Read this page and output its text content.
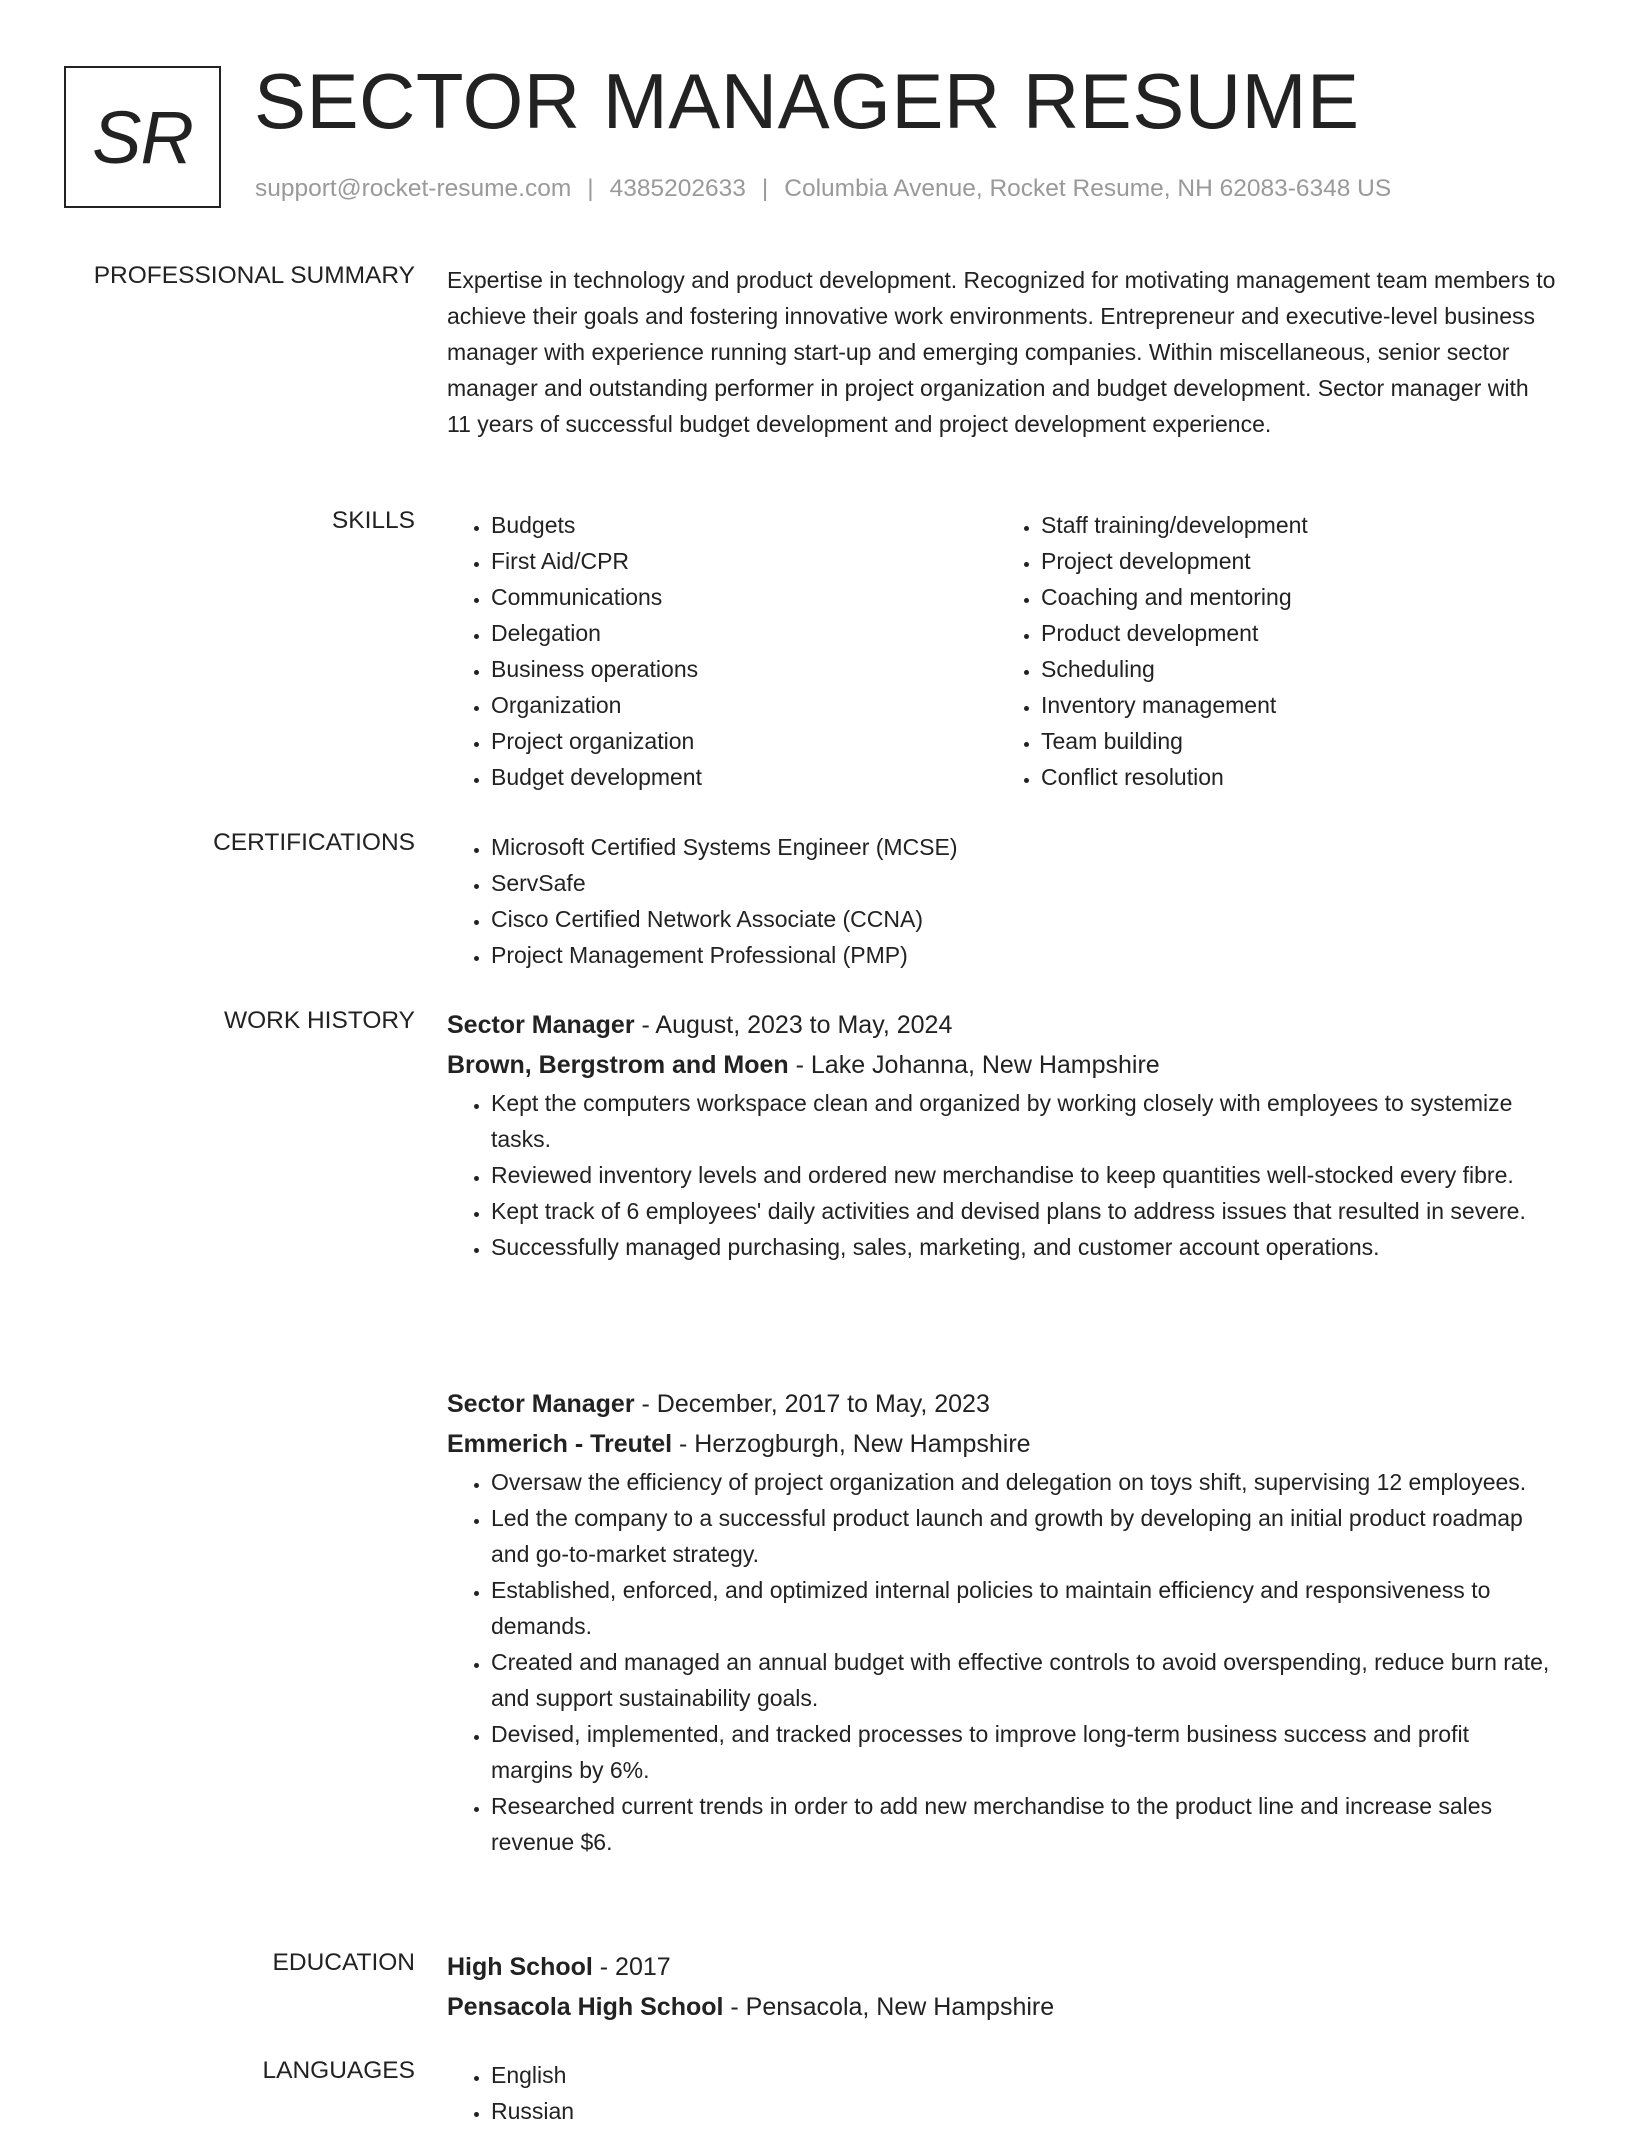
SR SECTOR MANAGER RESUME
support@rocket-resume.com | 4385202633 | Columbia Avenue, Rocket Resume, NH 62083-6348 US
PROFESSIONAL SUMMARY Expertise in technology and product development. Recognized for motivating management team members to achieve their goals and fostering innovative work environments. Entrepreneur and executive-level business manager with experience running start-up and emerging companies. Within miscellaneous, senior sector manager and outstanding performer in project organization and budget development. Sector manager with 11 years of successful budget development and project development experience.

SKILLS	• Budgets
• First Aid/CPR
• Communications
• Delegation
• Business operations
• Organization
• Project organization
• Budget development
• Staff training/development
• Project development
• Coaching and mentoring
• Product development
• Scheduling
• Inventory management
• Team building
• Conflict resolution
CERTIFICATIONS	• Microsoft Certified Systems Engineer (MCSE)
• ServSafe
• Cisco Certified Network Associate (CCNA)
• Project Management Professional (PMP)
WORK HISTORY Sector Manager - August, 2023 to May, 2024
Brown, Bergstrom and Moen - Lake Johanna, New Hampshire
• Kept the computers workspace clean and organized by working closely with employees to systemize tasks.
• Reviewed inventory levels and ordered new merchandise to keep quantities well-stocked every fibre.
• Kept track of 6 employees' daily activities and devised plans to address issues that resulted in severe.
• Successfully managed purchasing, sales, marketing, and customer account operations.
Sector Manager - December, 2017 to May, 2023
Emmerich - Treutel - Herzogburgh, New Hampshire
• Oversaw the efficiency of project organization and delegation on toys shift, supervising 12 employees.
• Led the company to a successful product launch and growth by developing an initial product roadmap and go-to-market strategy.
• Established, enforced, and optimized internal policies to maintain efficiency and responsiveness to demands.
• Created and managed an annual budget with effective controls to avoid overspending, reduce burn rate, and support sustainability goals.
• Devised, implemented, and tracked processes to improve long-term business success and profit margins by 6%.
• Researched current trends in order to add new merchandise to the product line and increase sales revenue $6.
EDUCATION High School - 2017
Pensacola High School - Pensacola, New Hampshire
LANGUAGES	• English
• Russian
